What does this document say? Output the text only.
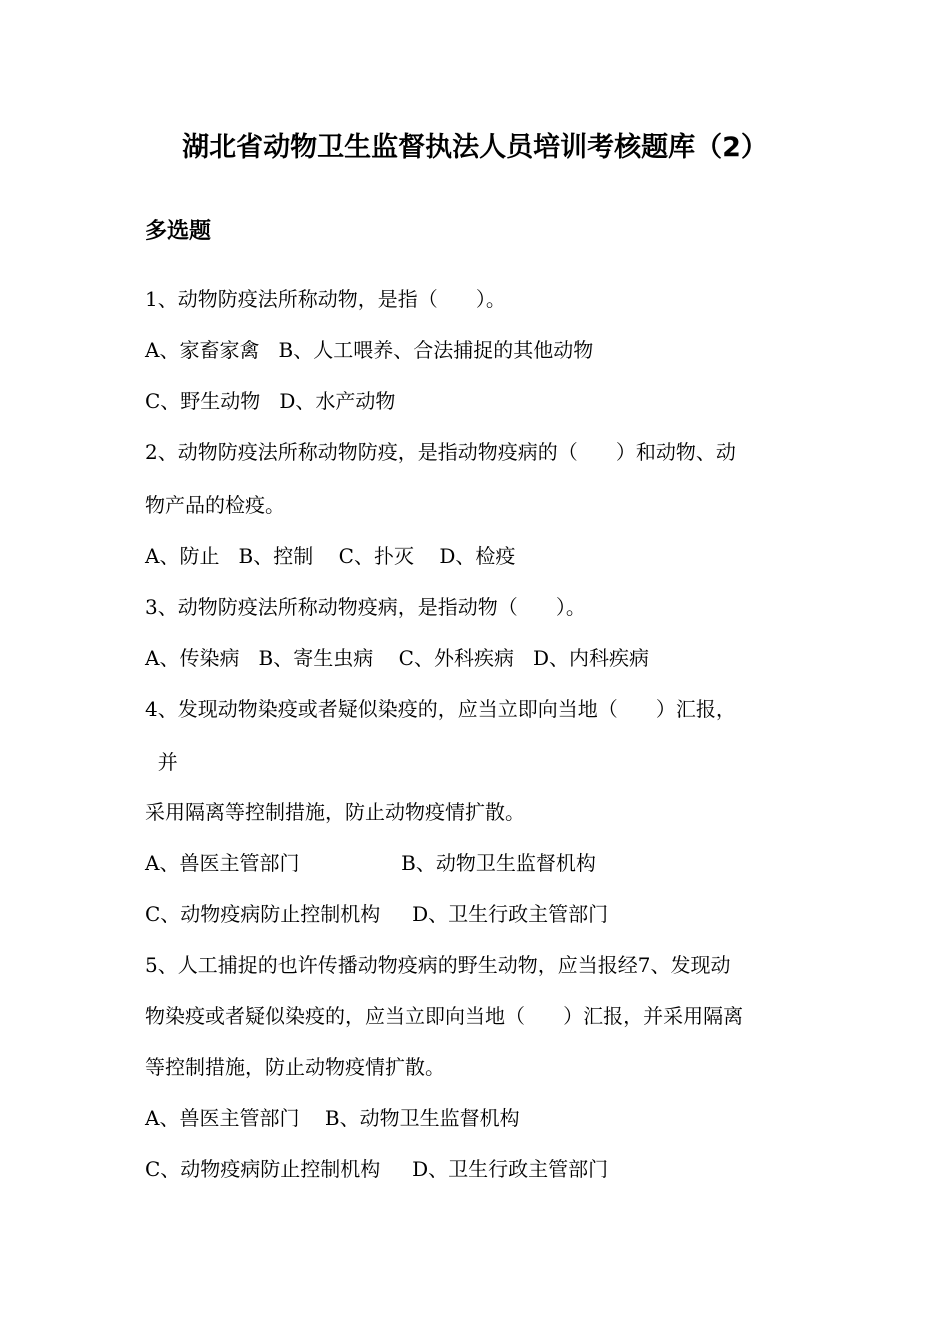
湖北省动物卫生监督执法人员培训考核题库（2）
多选题
1、动物防疫法所称动物，是指（      ）。
A、家畜家禽   B、人工喂养、合法捕捉的其他动物
C、野生动物   D、水产动物
2、动物防疫法所称动物防疫，是指动物疫病的（      ）和动物、动
物产品的检疫。
A、防止   B、控制    C、扑灭    D、检疫
3、动物防疫法所称动物疫病，是指动物（      ）。
A、传染病   B、寄生虫病    C、外科疾病   D、内科疾病
4、发现动物染疫或者疑似染疫的，应当立即向当地（      ）汇报，
并
采用隔离等控制措施，防止动物疫情扩散。
A、兽医主管部门                B、动物卫生监督机构
C、动物疫病防止控制机构     D、卫生行政主管部门
5、人工捕捉的也许传播动物疫病的野生动物，应当报经7、发现动
物染疫或者疑似染疫的，应当立即向当地（      ）汇报，并采用隔离
等控制措施，防止动物疫情扩散。
A、兽医主管部门    B、动物卫生监督机构
C、动物疫病防止控制机构     D、卫生行政主管部门
